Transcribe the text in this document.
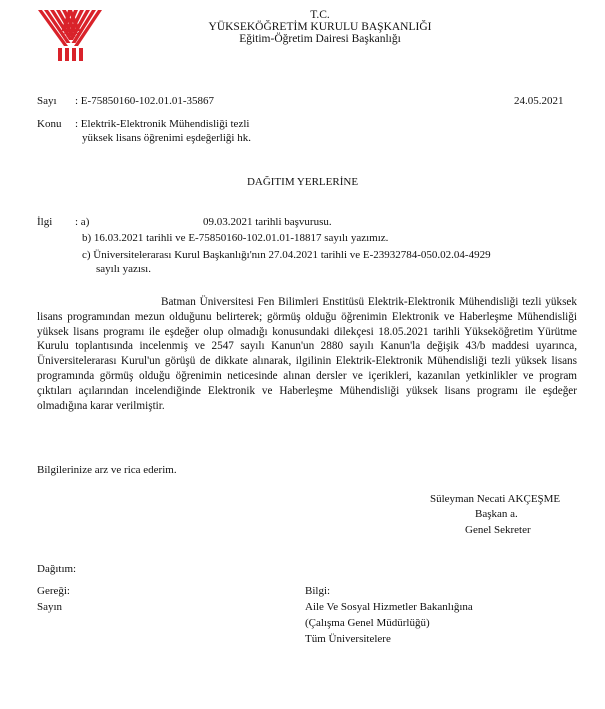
T.C.
YÜKSEKÖĞRETİM KURULU BAŞKANLIĞI
Eğitim-Öğretim Dairesi Başkanlığı
Sayı : E-75850160-102.01.01-35867	24.05.2021
Konu : Elektrik-Elektronik Mühendisliği tezli
yüksek lisans öğrenimi eşdeğerliği hk.
DAĞITIM YERLERİNE
İlgi : a)	09.03.2021 tarihli başvurusu.
b) 16.03.2021 tarihli ve E-75850160-102.01.01-18817 sayılı yazımız.
c) Üniversitelerarası Kurul Başkanlığı'nın 27.04.2021 tarihli ve E-23932784-050.02.04-4929
sayılı yazısı.
Batman Üniversitesi Fen Bilimleri Enstitüsü Elektrik-Elektronik Mühendisliği tezli yüksek lisans programından mezun olduğunu belirterek; görmüş olduğu öğrenimin Elektronik ve Haberleşme Mühendisliği yüksek lisans programı ile eşdeğer olup olmadığı konusundaki dilekçesi 18.05.2021 tarihli Yükseköğretim Yürütme Kurulu toplantısında incelenmiş ve 2547 sayılı Kanun'un 2880 sayılı Kanun'la değişik 43/b maddesi uyarınca, Üniversitelerarası Kurul'un görüşü de dikkate alınarak, ilgilinin Elektrik-Elektronik Mühendisliği tezli yüksek lisans programında görmüş olduğu öğrenimin neticesinde alınan dersler ve içerikleri, kazanılan yetkinlikler ve program çıktıları açılarından incelendiğinde Elektronik ve Haberleşme Mühendisliği yüksek lisans programı ile eşdeğer olmadığına karar verilmiştir.
Bilgilerinize arz ve rica ederim.
Süleyman Necati AKÇEŞME
Başkan a.
Genel Sekreter
Dağıtım:
Gereği:
Sayın
Bilgi:
Aile Ve Sosyal Hizmetler Bakanlığına
(Çalışma Genel Müdürlüğü)
Tüm Üniversitelere
